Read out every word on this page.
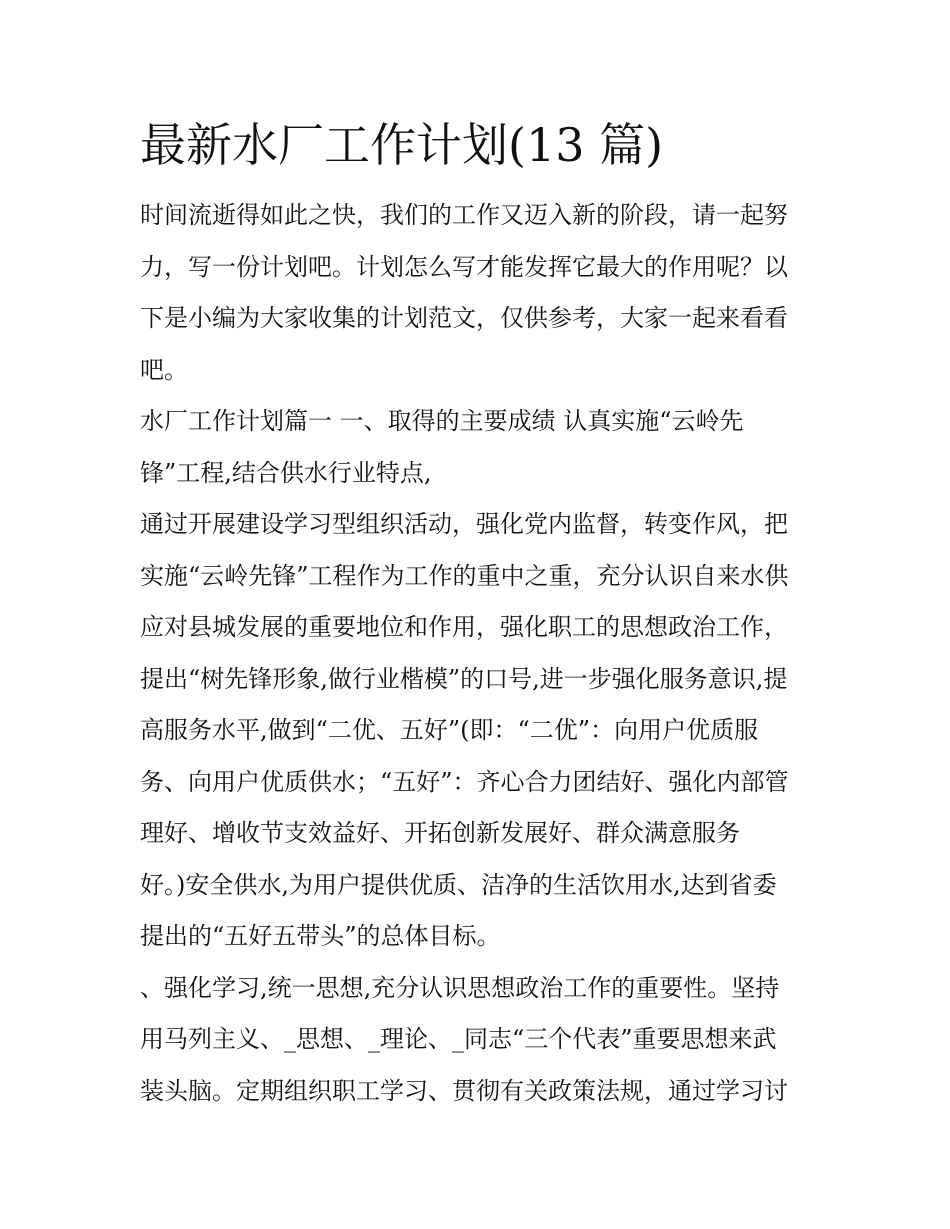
最新水厂工作计划(13 篇)
时间流逝得如此之快，我们的工作又迈入新的阶段，请一起努
力，写一份计划吧。计划怎么写才能发挥它最大的作用呢？以
下是小编为大家收集的计划范文，仅供参考，大家一起来看看
吧。
水厂工作计划篇一 一、取得的主要成绩 认真实施“云岭先
锋”工程,结合供水行业特点,
通过开展建设学习型组织活动，强化党内监督，转变作风，把
实施“云岭先锋”工程作为工作的重中之重，充分认识自来水供
应对县城发展的重要地位和作用，强化职工的思想政治工作，
提出“树先锋形象,做行业楷模”的口号,进一步强化服务意识,提
高服务水平,做到“二优、五好”(即：“二优”：向用户优质服
务、向用户优质供水；“五好”：齐心合力团结好、强化内部管
理好、增收节支效益好、开拓创新发展好、群众满意服务
好。)安全供水,为用户提供优质、洁净的生活饮用水,达到省委
提出的“五好五带头”的总体目标。
、强化学习,统一思想,充分认识思想政治工作的重要性。坚持
用马列主义、_思想、_理论、_同志“三个代表”重要思想来武
装头脑。定期组织职工学习、贯彻有关政策法规，通过学习讨
